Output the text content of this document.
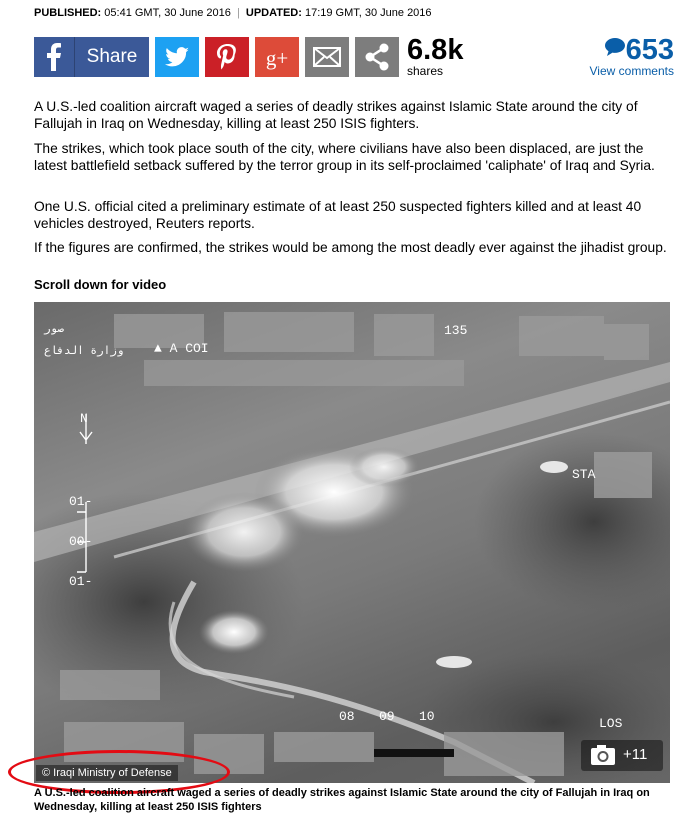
PUBLISHED: 05:41 GMT, 30 June 2016 | UPDATED: 17:19 GMT, 30 June 2016
Share	g+	6.8k
shares
653
View comments

A U.S.-led coalition aircraft waged a series of deadly strikes against Islamic State around the city of Fallujah in Iraq on Wednesday, killing at least 250 ISIS fighters.

The strikes, which took place south of the city, where civilians have also been displaced, are just the latest battlefield setback suffered by the terror group in its self-proclaimed 'caliphate' of Iraq and Syria.

One U.S. official cited a preliminary estimate of at least 250 suspected fighters killed and at least 40 vehicles destroyed, Reuters reports.

If the figures are confirmed, the strikes would be among the most deadly ever against the jihadist group.

Scroll down for video
صور
وزارة الدفاع ▲ A COI
135
STA
N
01-
00-
01-
08 09 10	LOS
© Iraqi Ministry of Defense
+11

A U.S.-led coalition aircraft waged a series of deadly strikes against Islamic State around the city of Fallujah in Iraq on Wednesday, killing at least 250 ISIS fighters
